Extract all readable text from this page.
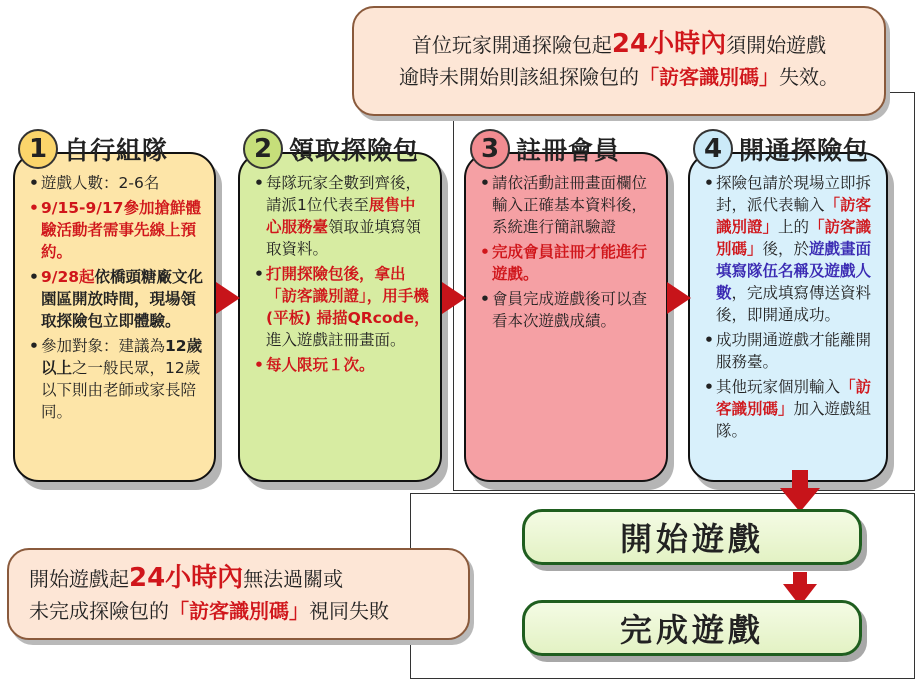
首位玩家開通探險包起24小時內須開始遊戲
逾時未開始則該組探險包的「訪客識別碼」失效。
• 遊戲人數：2-6名
• 9/15-9/17參加搶鮮體驗活動者需事先線上預約。
• 9/28起依橋頭糖廠文化園區開放時間，現場領取探險包立即體驗。
• 參加對象：建議為12歲以上之一般民眾，12歲以下則由老師或家長陪同。
• 每隊玩家全數到齊後，請派1位代表至展售中心服務臺領取並填寫領取資料。
• 打開探險包後，拿出「訪客識別證」，用手機 (平板) 掃描QRcode，進入遊戲註冊畫面。
• 每人限玩１次。
• 請依活動註冊畫面欄位輸入正確基本資料後，系統進行簡訊驗證
• 完成會員註冊才能進行遊戲。
• 會員完成遊戲後可以查看本次遊戲成績。
• 探險包請於現場立即拆封，派代表輸入「訪客識別證」上的「訪客識別碼」後，於遊戲畫面填寫隊伍名稱及遊戲人數，完成填寫傳送資料後，即開通成功。
• 成功開通遊戲才能離開服務臺。
• 其他玩家個別輸入「訪客識別碼」加入遊戲組隊。
1 自行組隊	2 領取探險包	3 註冊會員	4 開通探險包
開始遊戲
完成遊戲
開始遊戲起24小時內無法過關或
未完成探險包的「訪客識別碼」視同失敗
